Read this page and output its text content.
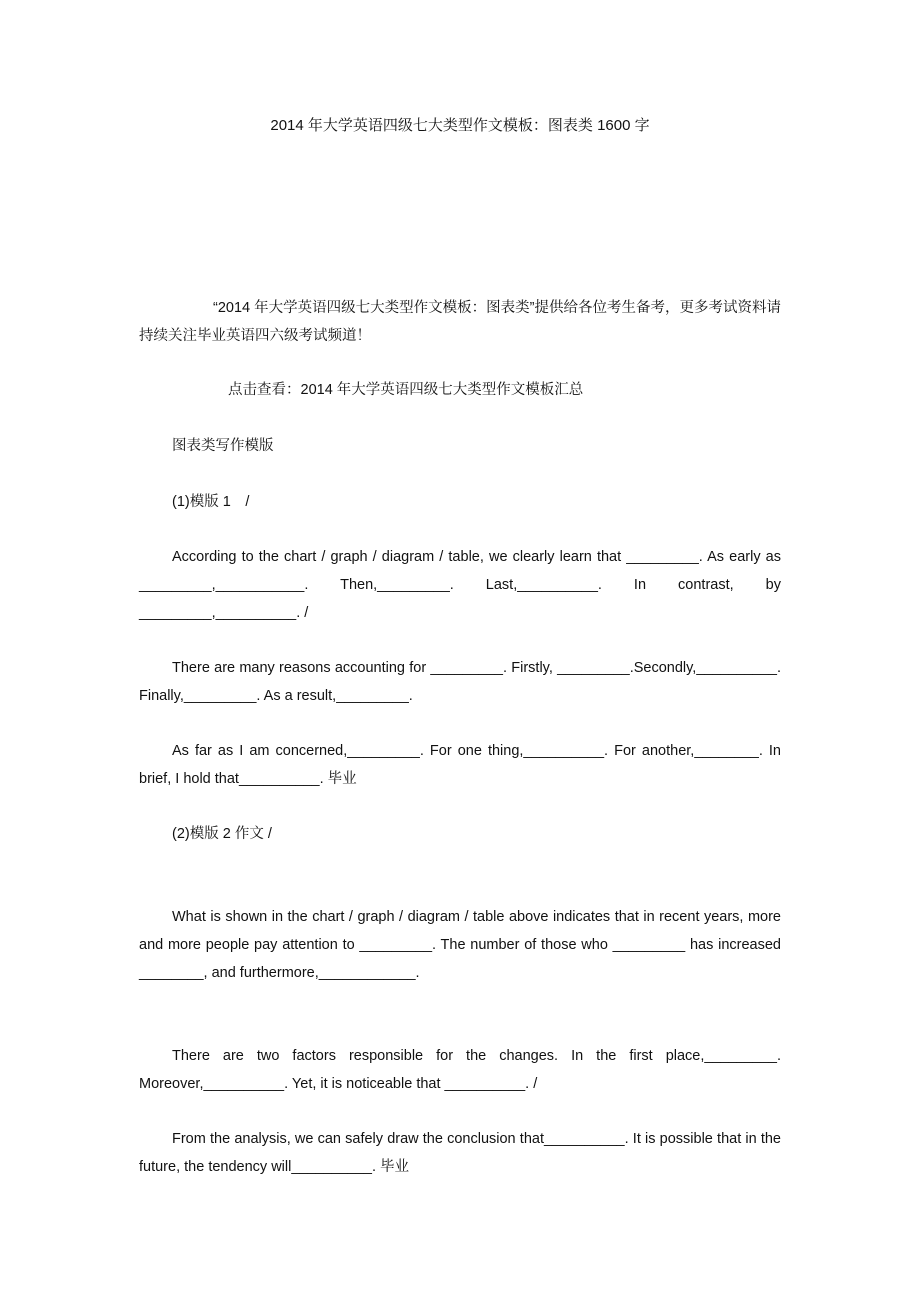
2014 年大学英语四级七大类型作文模板：图表类 1600 字

“2014 年大学英语四级七大类型作文模板：图表类”提供给各位考生备考，更多考试资料请持续关注毕业英语四六级考试频道！

点击查看：2014 年大学英语四级七大类型作文模板汇总

图表类写作模版

(1)模版 1　/

According to the chart / graph / diagram / table, we clearly learn that _________. As early as _________,___________. Then,_________. Last,__________. In contrast, by _________,__________. /

There are many reasons accounting for _________. Firstly, _________.Secondly,__________. Finally,_________. As a result,_________.

As far as I am concerned,_________. For one thing,__________. For another,________. In brief, I hold that__________. 毕业

(2)模版 2 作文 /

What is shown in the chart / graph / diagram / table above indicates that in recent years, more and more people pay attention to _________. The number of those who _________ has increased ________, and furthermore,____________.

There are two factors responsible for the changes. In the first place,_________. Moreover,__________. Yet, it is noticeable that __________. /

From the analysis, we can safely draw the conclusion that__________. It is possible that in the future, the tendency will__________. 毕业
